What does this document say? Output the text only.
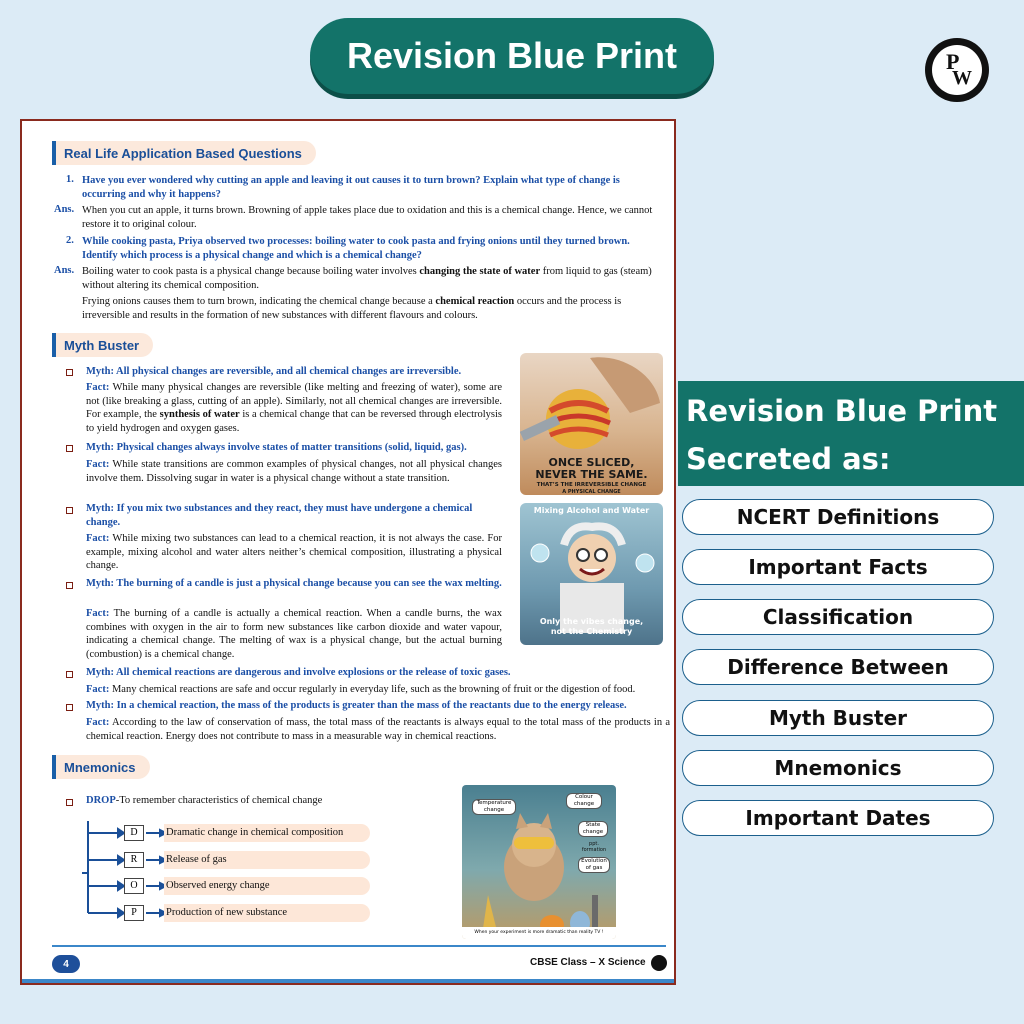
Revision Blue Print	P
W
Real Life Application Based Questions
1. Have you ever wondered why cutting an apple and leaving it out causes it to turn brown? Explain what type of change is occurring and why it happens?
Ans. When you cut an apple, it turns brown. Browning of apple takes place due to oxidation and this is a chemical change. Hence, we cannot restore it to original colour.
2. While cooking pasta, Priya observed two processes: boiling water to cook pasta and frying onions until they turned brown. Identify which process is a physical change and which is a chemical change?
Ans. Boiling water to cook pasta is a physical change because boiling water involves changing the state of water from liquid to gas (steam) without altering its chemical composition.
Frying onions causes them to turn brown, indicating the chemical change because a chemical reaction occurs and the process is irreversible and results in the formation of new substances with different flavours and colours.
Myth Buster
Myth: All physical changes are reversible, and all chemical changes are irreversible.
Fact: While many physical changes are reversible (like melting and freezing of water), some are not (like breaking a glass, cutting of an apple). Similarly, not all chemical changes are irreversible. For example, the synthesis of water is a chemical change that can be reversed through electrolysis to yield hydrogen and oxygen gases.
Myth: Physical changes always involve states of matter transitions (solid, liquid, gas).
Fact: While state transitions are common examples of physical changes, not all physical changes involve them. Dissolving sugar in water is a physical change without a state transition.
Myth: If you mix two substances and they react, they must have undergone a chemical change.
Fact: While mixing two substances can lead to a chemical reaction, it is not always the case. For example, mixing alcohol and water alters neither’s chemical composition, illustrating a physical change.
Myth: The burning of a candle is just a physical change because you can see the wax melting.
Fact: The burning of a candle is actually a chemical reaction. When a candle burns, the wax combines with oxygen in the air to form new substances like carbon dioxide and water vapour, indicating a chemical change. The melting of wax is a physical change, but the actual burning (combustion) is a chemical change.
Myth: All chemical reactions are dangerous and involve explosions or the release of toxic gases.
Fact: Many chemical reactions are safe and occur regularly in everyday life, such as the browning of fruit or the digestion of food.
Myth: In a chemical reaction, the mass of the products is greater than the mass of the reactants due to the energy release.
Fact: According to the law of conservation of mass, the total mass of the reactants is always equal to the total mass of the products in a chemical reaction. Energy does not contribute to mass in a measurable way in chemical reactions.
ONCE SLICED,
NEVER THE SAME.
THAT’S THE IRREVERSIBLE CHANGE
A PHYSICAL CHANGE
Mixing Alcohol and Water
Only the vibes change,
not the Chemistry
Mnemonics
DROP-To remember characteristics of chemical change
D	Dramatic change in chemical composition
R	Release of gas
O	Observed energy change
P	Production of new substance
Temperature change
Colour change
State change
ppt. formation
Evolution of gas
When your experiment is more dramatic than reality TV !
4	CBSE Class – X Science
Revision Blue Print
Secreted as:
NCERT Definitions
Important Facts
Classification
Difference Between
Myth Buster
Mnemonics
Important Dates
